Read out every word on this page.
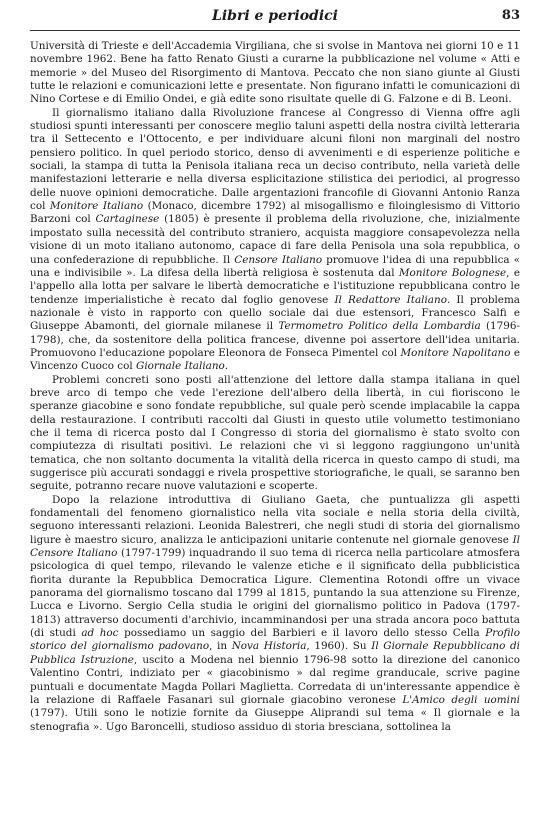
Libri e periodici	83

Università di Trieste e dell'Accademia Virgiliana, che si svolse in Mantova nei giorni 10 e 11 novembre 1962. Bene ha fatto Renato Giusti a curarne la pubblicazione nel volume « Atti e memorie » del Museo del Risorgimento di Mantova. Peccato che non siano giunte al Giusti tutte le relazioni e comunicazioni lette e presentate. Non figurano infatti le comunicazioni di Nino Cortese e di Emilio Ondei, e già edite sono risultate quelle di G. Falzone e di B. Leoni.

Il giornalismo italiano dalla Rivoluzione francese al Congresso di Vienna offre agli studiosi spunti interessanti per conoscere meglio taluni aspetti della nostra civiltà letteraria tra il Settecento e l'Ottocento, e per individuare alcuni filoni non marginali del nostro pensiero politico. In quel periodo storico, denso di avvenimenti e di esperienze politiche e sociali, la stampa di tutta la Penisola italiana reca un deciso contributo, nella varietà delle manifestazioni letterarie e nella diversa esplicitazione stilistica dei periodici, al progresso delle nuove opinioni democratiche. Dalle argentazioni francofile di Giovanni Antonio Ranza col Monitore Italiano (Monaco, dicembre 1792) al misogallismo e filoinglesismo di Vittorio Barzoni col Cartaginese (1805) è presente il problema della rivoluzione, che, inizialmente impostato sulla necessità del contributo straniero, acquista maggiore consapevolezza nella visione di un moto italiano autonomo, capace di fare della Penisola una sola repubblica, o una confederazione di repubbliche. Il Censore Italiano promuove l'idea di una repubblica « una e indivisibile ». La difesa della libertà religiosa è sostenuta dal Monitore Bolognese, e l'appello alla lotta per salvare le libertà democratiche e l'istituzione repubblicana contro le tendenze imperialistiche è recato dal foglio genovese Il Redattore Italiano. Il problema nazionale è visto in rapporto con quello sociale dai due estensori, Francesco Salfi e Giuseppe Abamonti, del giornale milanese il Termometro Politico della Lombardia (1796-1798), che, da sostenitore della politica francese, divenne poi assertore dell'idea unitaria. Promuovono l'educazione popolare Eleonora de Fonseca Pimentel col Monitore Napolitano e Vincenzo Cuoco col Giornale Italiano.

Problemi concreti sono posti all'attenzione del lettore dalla stampa italiana in quel breve arco di tempo che vede l'erezione dell'albero della libertà, in cui fioriscono le speranze giacobine e sono fondate repubbliche, sul quale però scende implacabile la cappa della restaurazione. I contributi raccolti dal Giusti in questo utile volumetto testimoniano che il tema di ricerca posto dal I Congresso di storia del giornalismo è stato svolto con compiutezza di risultati positivi. Le relazioni che vi si leggono raggiungono un'unità tematica, che non soltanto documenta la vitalità della ricerca in questo campo di studi, ma suggerisce più accurati sondaggi e rivela prospettive storiografiche, le quali, se saranno ben seguite, potranno recare nuove valutazioni e scoperte.

Dopo la relazione introduttiva di Giuliano Gaeta, che puntualizza gli aspetti fondamentali del fenomeno giornalistico nella vita sociale e nella storia della civiltà, seguono interessanti relazioni. Leonida Balestreri, che negli studi di storia del giornalismo ligure è maestro sicuro, analizza le anticipazioni unitarie contenute nel giornale genovese Il Censore Italiano (1797-1799) inquadrando il suo tema di ricerca nella particolare atmosfera psicologica di quel tempo, rilevando le valenze etiche e il significato della pubblicistica fiorita durante la Repubblica Democratica Ligure. Clementina Rotondi offre un vivace panorama del giornalismo toscano dal 1799 al 1815, puntando la sua attenzione su Firenze, Lucca e Livorno. Sergio Cella studia le origini del giornalismo politico in Padova (1797-1813) attraverso documenti d'archivio, incamminandosi per una strada ancora poco battuta (di studi ad hoc possediamo un saggio del Barbieri e il lavoro dello stesso Cella Profilo storico del giornalismo padovano, in Nova Historia, 1960). Su Il Giornale Repubblicano di Pubblica Istruzione, uscito a Modena nel biennio 1796-98 sotto la direzione del canonico Valentino Contri, indiziato per « giacobinismo » dal regime granducale, scrive pagine puntuali e documentate Magda Pollari Maglietta. Corredata di un'interessante appendice è la relazione di Raffaele Fasanari sul giornale giacobino veronese L'Amico degli uomini (1797). Utili sono le notizie fornite da Giuseppe Aliprandi sul tema « Il giornale e la stenografia ». Ugo Baroncelli, studioso assiduo di storia bresciana, sottolinea la
